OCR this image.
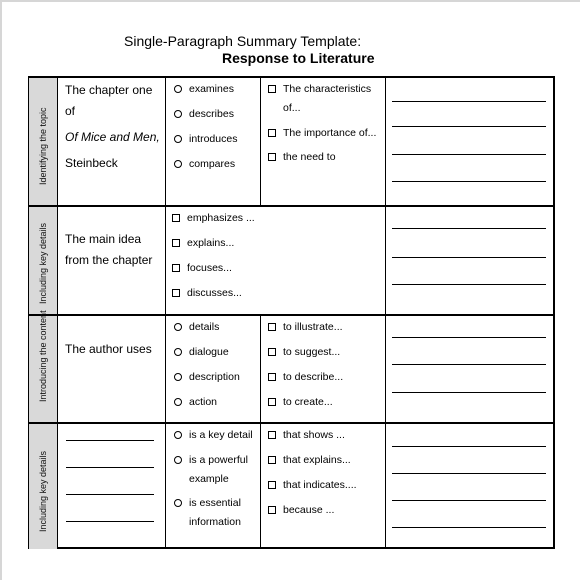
Single-Paragraph Summary Template:
Response to Literature
Identifying the topic
Including key details
Introducing the content
Including key details
The chapter one
of
Of Mice and Men,
Steinbeck
examines
describes
introduces
compares
The characteristics
of...
The importance of...
the need to
The main idea
from the chapter
emphasizes ...
explains...
focuses...
discusses...
The author uses
details
dialogue
description
action
to illustrate...
to suggest...
to describe...
to create...
is a key detail
is a powerful
example
is essential
information
that shows ...
that explains...
that indicates....
because ...
